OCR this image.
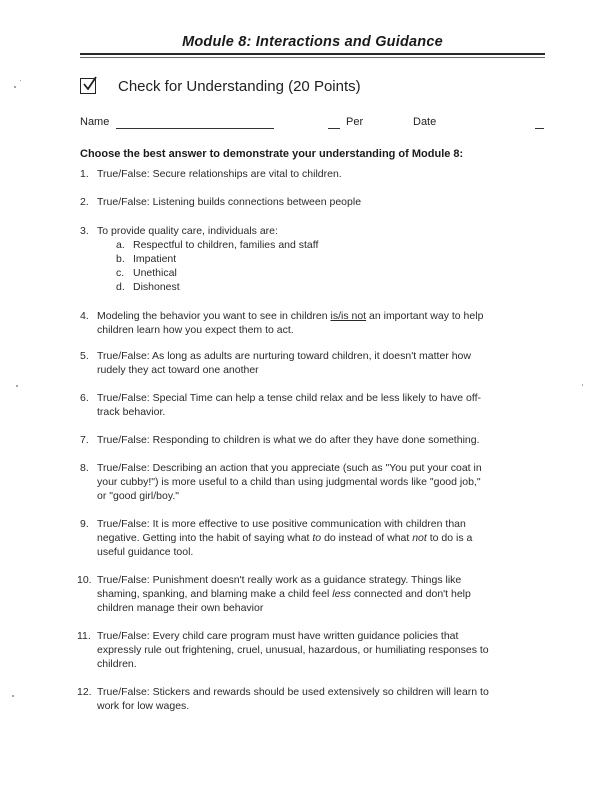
Module 8: Interactions and Guidance
Check for Understanding (20 Points)
Name	Per	Date
Choose the best answer to demonstrate your understanding of Module 8:
1. True/False: Secure relationships are vital to children.
2. True/False: Listening builds connections between people
3. To provide quality care, individuals are:
a. Respectful to children, families and staff
b. Impatient
c. Unethical
d. Dishonest
4. Modeling the behavior you want to see in children is/is not an important way to help
children learn how you expect them to act.
5. True/False: As long as adults are nurturing toward children, it doesn't matter how
rudely they act toward one another
6. True/False: Special Time can help a tense child relax and be less likely to have off-
track behavior.
7. True/False: Responding to children is what we do after they have done something.
8. True/False: Describing an action that you appreciate (such as "You put your coat in
your cubby!") is more useful to a child than using judgmental words like "good job,"
or "good girl/boy."
9. True/False: It is more effective to use positive communication with children than
negative. Getting into the habit of saying what to do instead of what not to do is a
useful guidance tool.
10. True/False: Punishment doesn't really work as a guidance strategy. Things like
shaming, spanking, and blaming make a child feel less connected and don't help
children manage their own behavior
11. True/False: Every child care program must have written guidance policies that
expressly rule out frightening, cruel, unusual, hazardous, or humiliating responses to
children.
12. True/False: Stickers and rewards should be used extensively so children will learn to
work for low wages.
